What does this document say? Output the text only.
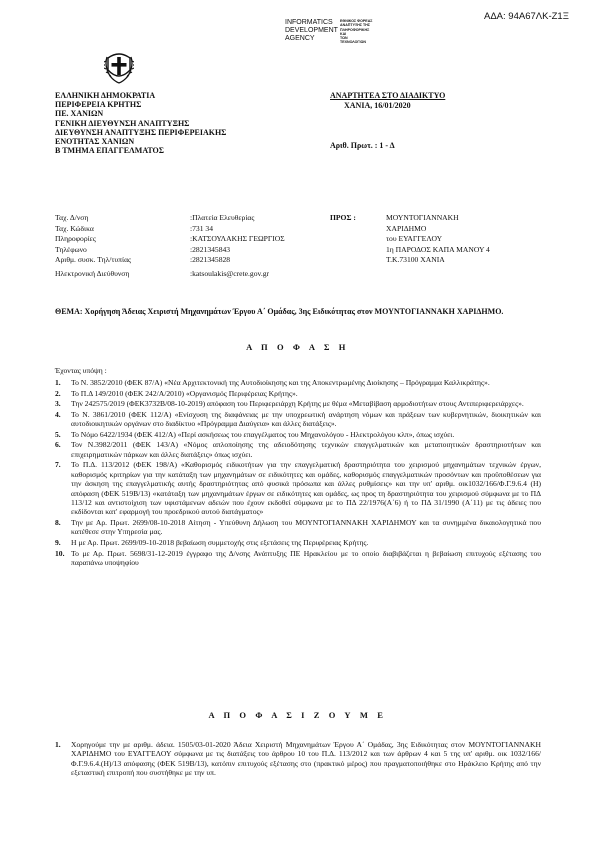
ΑΔΑ: 94Α67ΛΚ-Ζ1Ξ
INFORMATICS
DEVELOPMENT
AGENCY
ΕΘΝΙΚΟΣ ΦΟΡΕΑΣ
ΑΝΑΠΤΥΞΗΣ ΤΗΣ
ΠΛΗΡΟΦΟΡΙΚΗΣ
ΚΑΙ
ΤΩΝ
ΤΕΧΝΟΛΟΓΙΩΝ
ΕΛΛΗΝΙΚΗ ΔΗΜΟΚΡΑΤΙΑ
ΠΕΡΙΦΕΡΕΙΑ ΚΡΗΤΗΣ
ΠΕ. ΧΑΝΙΩΝ
ΓΕΝΙΚΗ ΔΙΕΥΘΥΝΣΗ ΑΝΑΠΤΥΞΗΣ
ΔΙΕΥΘΥΝΣΗ ΑΝΑΠΤΥΞΗΣ ΠΕΡΙΦΕΡΕΙΑΚΗΣ
ΕΝΟΤΗΤΑΣ ΧΑΝΙΩΝ
Β ΤΜΗΜΑ ΕΠΑΓΓΕΛΜΑΤΟΣ
ΑΝΑΡΤΗΤΕΑ ΣΤΟ ΔΙΑΔΙΚΤΥΟ
ΧΑΝΙΑ, 16/01/2020
Αριθ. Πρωτ. : 1 - Δ
Ταχ. Δ/νση	: Πλατεία Ελευθερίας
Ταχ. Κώδικα	: 731 34
Πληροφορίες	: ΚΑΤΣΟΥΛΑΚΗΣ ΓΕΩΡΓΙΟΣ
Τηλέφωνο	: 2821345843
Αριθμ. συσκ. Τηλ/τυπίας	: 2821345828
Ηλεκτρονική Διεύθυνση	: katsoulakis@crete.gov.gr
ΠΡΟΣ :	ΜΟΥΝΤΟΓΙΑΝΝΑΚΗ
ΧΑΡΙΔΗΜΟ
του ΕΥΑΓΓΕΛΟΥ
1η ΠΑΡΟΔΟΣ ΚΑΠΑ ΜΑΝΟΥ 4
Τ.Κ.73100 ΧΑΝΙΑ
ΘΕΜΑ: Χορήγηση Άδειας Χειριστή Μηχανημάτων Έργου Α΄ Ομάδας, 3ης Ειδικότητας στον ΜΟΥΝΤΟΓΙΑΝΝΑΚΗ ΧΑΡΙΔΗΜΟ.
Α Π Ο Φ Α Σ Η
Έχοντας υπόψη :
1.	Το Ν. 3852/2010 (ΦΕΚ 87/Α) «Νέα Αρχιτεκτονική της Αυτοδιοίκησης και της Αποκεντρωμένης Διοίκησης – Πρόγραμμα Καλλικράτης».
2.	Το Π.Δ 149/2010 (ΦΕΚ 242/Α/2010) «Οργανισμός Περιφέρειας Κρήτης».
3.	Την 242575/2019 (ΦΕΚ3732Β/08-10-2019) απόφαση του Περιφερειάρχη Κρήτης με θέμα «Μεταβίβαση αρμοδιοτήτων στους Αντιπεριφερειάρχες».
4.	Το Ν. 3861/2010 (ΦΕΚ 112/Α) «Ενίσχυση της διαφάνειας με την υποχρεωτική ανάρτηση νόμων και πράξεων των κυβερνητικών, διοικητικών και αυτοδιοικητικών οργάνων στο διαδίκτυο «Πρόγραμμα Διαύγεια» και άλλες διατάξεις».
5.	Το Νόμο 6422/1934 (ΦΕΚ 412/Α) «Περί ασκήσεως του επαγγέλματος του Μηχανολόγου - Ηλεκτρολόγου κλπ», όπως ισχύει.
6.	Τον Ν.3982/2011 (ΦΕΚ 143/Α) «Νόμος απλοποίησης της αδειοδότησης τεχνικών επαγγελματικών και μεταποιητικών δραστηριοτήτων και επιχειρηματικών πάρκων και άλλες διατάξεις» όπως ισχύει.
7.	Το Π.Δ. 113/2012 (ΦΕΚ 198/Α) «Καθορισμός ειδικοτήτων για την επαγγελματική δραστηριότητα του χειρισμού μηχανημάτων τεχνικών έργων, καθορισμός κριτηρίων για την κατάταξη των μηχανημάτων σε ειδικότητες και ομάδες, καθορισμός επαγγελματικών προσόντων και προϋποθέσεων για την άσκηση της επαγγελματικής αυτής δραστηριότητας από φυσικά πρόσωπα και άλλες ρυθμίσεις» και την υπ' αριθμ. οικ1032/166/Φ.Γ.9.6.4 (Η) απόφαση (ΦΕΚ 519Β/13) «κατάταξη των μηχανημάτων έργων σε ειδικότητες και ομάδες, ως προς τη δραστηριότητα του χειρισμού σύμφωνα με το ΠΔ 113/12 και αντιστοίχιση των υφιστάμενων αδειών που έχουν εκδοθεί σύμφωνα με το ΠΔ 22/1976(Α΄6) ή το ΠΔ 31/1990 (Α΄11) με τις άδειες που εκδίδονται κατ' εφαρμογή του προεδρικού αυτού διατάγματος»
8.	Την με Αρ. Πρωτ. 2699/08-10-2018 Αίτηση - Υπεύθυνη Δήλωση του ΜΟΥΝΤΟΓΙΑΝΝΑΚΗ ΧΑΡΙΔΗΜΟΥ και τα συνημμένα δικαιολογητικά που κατέθεσε στην Υπηρεσία μας.
9.	Η με Αρ. Πρωτ. 2699/09-10-2018 βεβαίωση συμμετοχής στις εξετάσεις της Περιφέρειας Κρήτης.
10. Το με Αρ. Πρωτ. 5698/31-12-2019 έγγραφο της Δ/νσης Ανάπτυξης ΠΕ Ηρακλείου με το οποίο διαβιβάζεται η βεβαίωση επιτυχούς εξέτασης του παραπάνω υποψηφίου
Α Π Ο Φ Α Σ Ι Ζ Ο Υ Μ Ε
1.	Χορηγούμε την με αριθμ. άδεια. 1505/03-01-2020 Άδεια Χειριστή Μηχανημάτων Έργου Α΄ Ομάδας, 3ης Ειδικότητας στον ΜΟΥΝΤΟΓΙΑΝΝΑΚΗ ΧΑΡΙΔΗΜΟ του ΕΥΑΓΓΕΛΟΥ σύμφωνα με τις διατάξεις του άρθρου 10 του Π.Δ. 113/2012 και των άρθρων 4 και 5 της υπ' αριθμ. οικ 1032/166/Φ.Γ.9.6.4.(Η)/13 απόφασης (ΦΕΚ 519Β/13), κατόπιν επιτυχούς εξέτασης στο (πρακτικό μέρος) που πραγματοποιήθηκε στο Ηράκλειο Κρήτης από την εξεταστική επιτροπή που συστήθηκε με την υπ.
